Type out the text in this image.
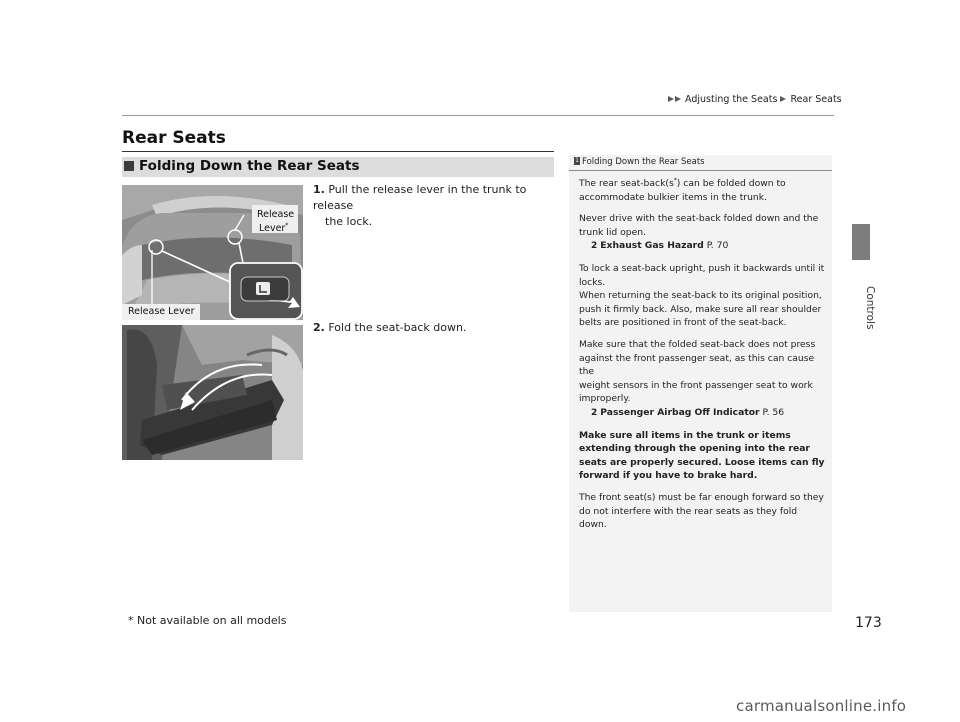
Adjusting the Seats Rear Seats
Controls
Rear Seats
Folding Down the Rear Seats
Release
Lever*
Release Lever
1. Pull the release lever in the trunk to release
the lock.
2. Fold the seat-back down.
1 Folding Down the Rear Seats

The rear seat-back(s*) can be folded down to
accommodate bulkier items in the trunk.

Never drive with the seat-back folded down and the
trunk lid open.
2 Exhaust Gas Hazard P. 70

To lock a seat-back upright, push it backwards until it
locks.
When returning the seat-back to its original position,
push it firmly back. Also, make sure all rear shoulder
belts are positioned in front of the seat-back.

Make sure that the folded seat-back does not press
against the front passenger seat, as this can cause the
weight sensors in the front passenger seat to work
improperly.
2 Passenger Airbag Off Indicator P. 56

Make sure all items in the trunk or items
extending through the opening into the rear
seats are properly secured. Loose items can fly
forward if you have to brake hard.

The front seat(s) must be far enough forward so they
do not interfere with the rear seats as they fold
down.

* Not available on all models	173
carmanualsonline.info
